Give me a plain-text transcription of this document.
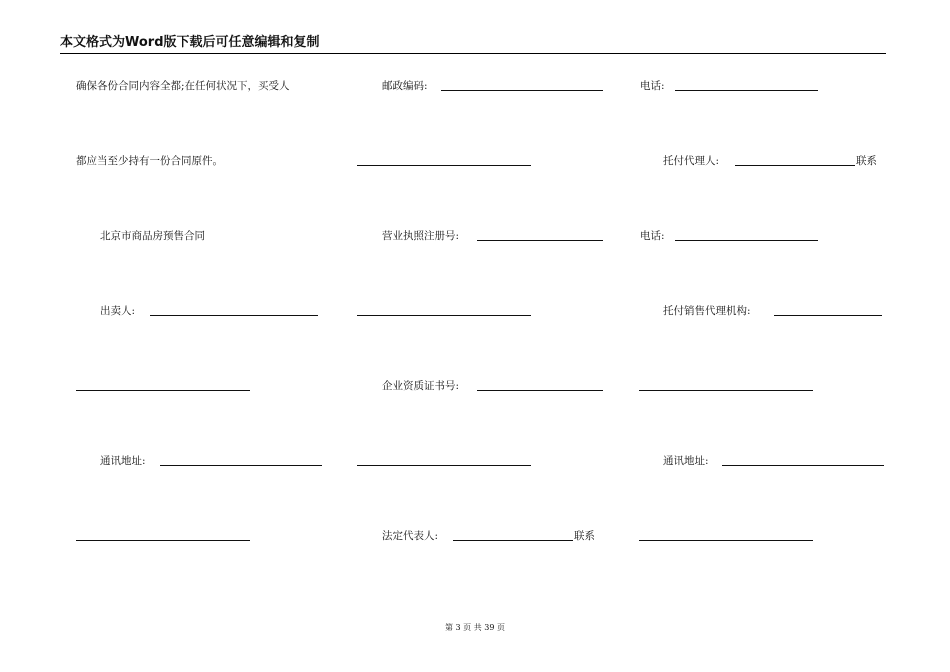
本文格式为Word版下载后可任意编辑和复制
确保各份合同内容全都;在任何状况下，买受人
都应当至少持有一份合同原件。
北京市商品房预售合同
出卖人:
通讯地址:
邮政编码:
营业执照注册号:
企业资质证书号:
法定代表人:	联系
电话:
托付代理人:	联系
电话:
托付销售代理机构:
通讯地址:
第 3 页 共 39 页
